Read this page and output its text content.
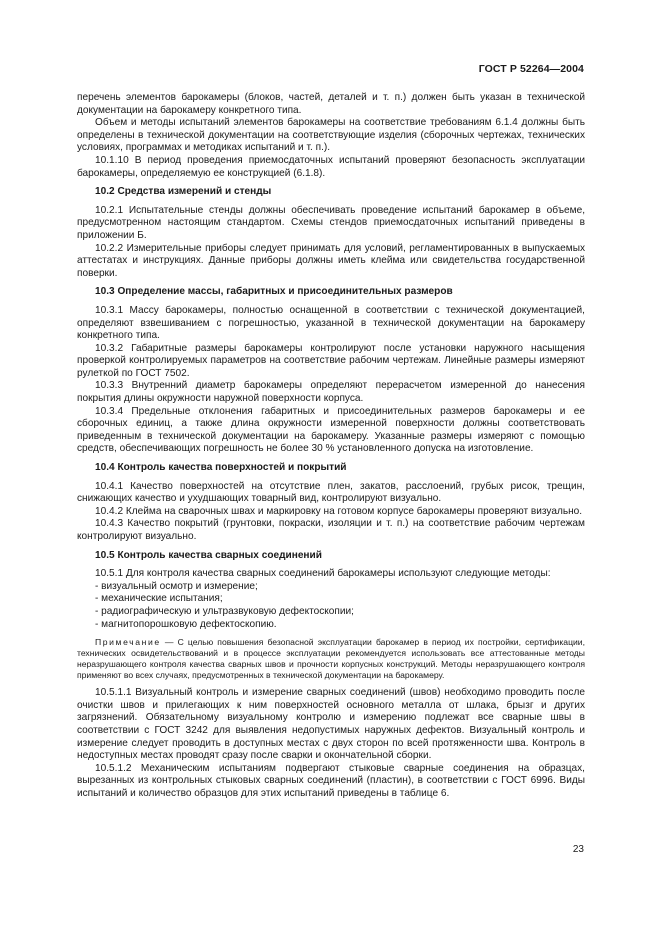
ГОСТ Р 52264—2004

перечень элементов барокамеры (блоков, частей, деталей и т. п.) должен быть указан в технической документации на барокамеру конкретного типа.

Объем и методы испытаний элементов барокамеры на соответствие требованиям 6.1.4 должны быть определены в технической документации на соответствующие изделия (сборочных чертежах, технических условиях, программах и методиках испытаний и т. п.).

10.1.10 В период проведения приемосдаточных испытаний проверяют безопасность эксплуатации барокамеры, определяемую ее конструкцией (6.1.8).

10.2 Средства измерений и стенды

10.2.1 Испытательные стенды должны обеспечивать проведение испытаний барокамер в объеме, предусмотренном настоящим стандартом. Схемы стендов приемосдаточных испытаний приведены в приложении Б.

10.2.2 Измерительные приборы следует принимать для условий, регламентированных в выпускаемых аттестатах и инструкциях. Данные приборы должны иметь клейма или свидетельства государственной поверки.

10.3 Определение массы, габаритных и присоединительных размеров

10.3.1 Массу барокамеры, полностью оснащенной в соответствии с технической документацией, определяют взвешиванием с погрешностью, указанной в технической документации на барокамеру конкретного типа.

10.3.2 Габаритные размеры барокамеры контролируют после установки наружного насыщения проверкой контролируемых параметров на соответствие рабочим чертежам. Линейные размеры измеряют рулеткой по ГОСТ 7502.

10.3.3 Внутренний диаметр барокамеры определяют перерасчетом измеренной до нанесения покрытия длины окружности наружной поверхности корпуса.

10.3.4 Предельные отклонения габаритных и присоединительных размеров барокамеры и ее сборочных единиц, а также длина окружности измеренной поверхности должны соответствовать приведенным в технической документации на барокамеру. Указанные размеры измеряют с помощью средств, обеспечивающих погрешность не более 30 % установленного допуска на изготовление.

10.4 Контроль качества поверхностей и покрытий

10.4.1 Качество поверхностей на отсутствие плен, закатов, расслоений, грубых рисок, трещин, снижающих качество и ухудшающих товарный вид, контролируют визуально.

10.4.2 Клейма на сварочных швах и маркировку на готовом корпусе барокамеры проверяют визуально.

10.4.3 Качество покрытий (грунтовки, покраски, изоляции и т. п.) на соответствие рабочим чертежам контролируют визуально.

10.5 Контроль качества сварных соединений

10.5.1 Для контроля качества сварных соединений барокамеры используют следующие методы:

- визуальный осмотр и измерение;

- механические испытания;

- радиографическую и ультразвуковую дефектоскопии;

- магнитопорошковую дефектоскопию.

Примечание — С целью повышения безопасной эксплуатации барокамер в период их постройки, сертификации, технических освидетельствований и в процессе эксплуатации рекомендуется использовать все аттестованные методы неразрушающего контроля качества сварных швов и прочности корпусных конструкций. Методы неразрушающего контроля применяют во всех случаях, предусмотренных в технической документации на барокамеру.

10.5.1.1 Визуальный контроль и измерение сварных соединений (швов) необходимо проводить после очистки швов и прилегающих к ним поверхностей основного металла от шлака, брызг и других загрязнений. Обязательному визуальному контролю и измерению подлежат все сварные швы в соответствии с ГОСТ 3242 для выявления недопустимых наружных дефектов. Визуальный контроль и измерение следует проводить в доступных местах с двух сторон по всей протяженности шва. Контроль в недоступных местах проводят сразу после сварки и окончательной сборки.

10.5.1.2 Механическим испытаниям подвергают стыковые сварные соединения на образцах, вырезанных из контрольных стыковых сварных соединений (пластин), в соответствии с ГОСТ 6996. Виды испытаний и количество образцов для этих испытаний приведены в таблице 6.

23
